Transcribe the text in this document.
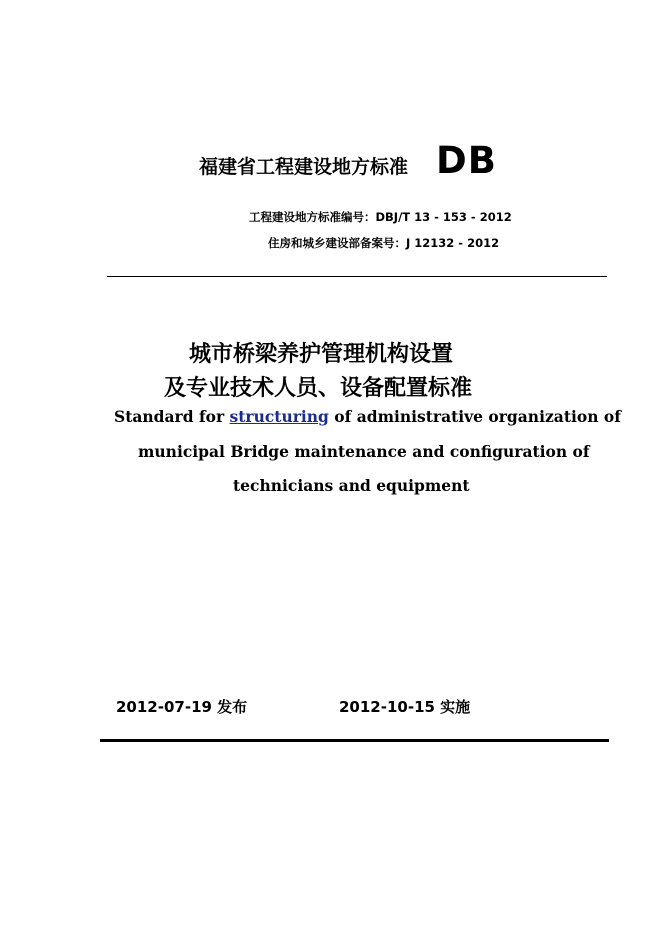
福建省工程建设地方标准 DB
工程建设地方标准编号：DBJ/T 13 - 153 - 2012
住房和城乡建设部备案号：J 12132 - 2012
城市桥梁养护管理机构设置
及专业技术人员、设备配置标准
Standard for structuring of administrative organization of
municipal Bridge maintenance and configuration of
technicians and equipment
2012-07-19 发布	2012-10-15 实施
